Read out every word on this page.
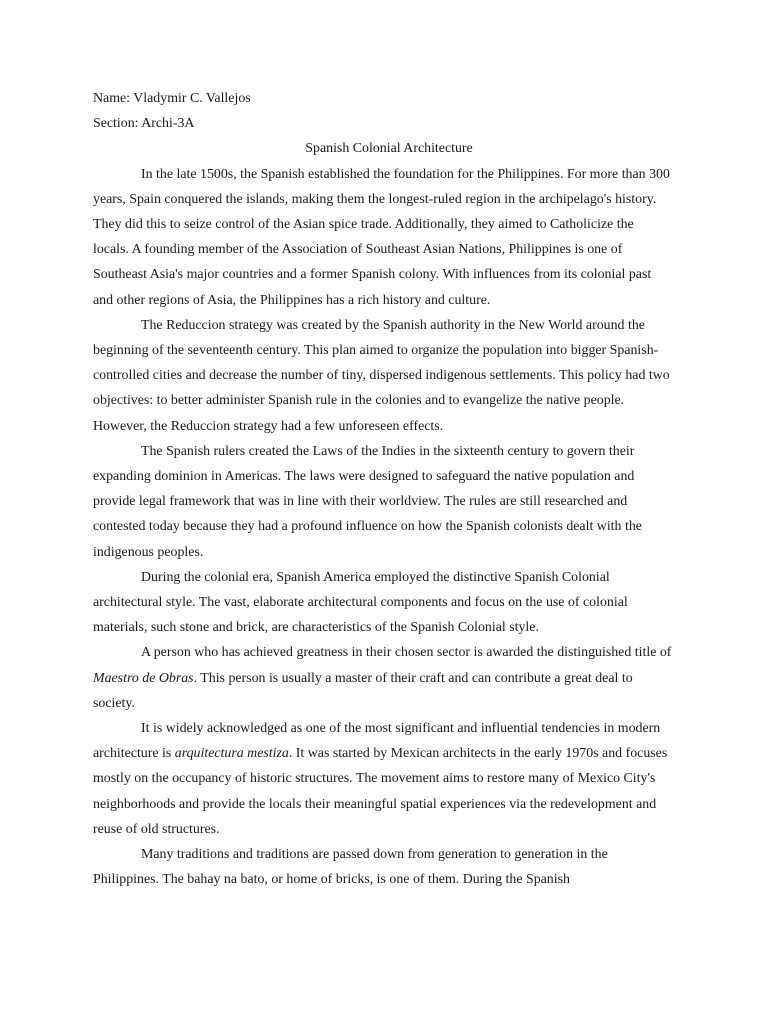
Name: Vladymir C. Vallejos

Section: Archi-3A

Spanish Colonial Architecture

In the late 1500s, the Spanish established the foundation for the Philippines. For more than 300 years, Spain conquered the islands, making them the longest-ruled region in the archipelago's history. They did this to seize control of the Asian spice trade. Additionally, they aimed to Catholicize the locals. A founding member of the Association of Southeast Asian Nations, Philippines is one of Southeast Asia's major countries and a former Spanish colony. With influences from its colonial past and other regions of Asia, the Philippines has a rich history and culture.

The Reduccion strategy was created by the Spanish authority in the New World around the beginning of the seventeenth century. This plan aimed to organize the population into bigger Spanish-controlled cities and decrease the number of tiny, dispersed indigenous settlements. This policy had two objectives: to better administer Spanish rule in the colonies and to evangelize the native people. However, the Reduccion strategy had a few unforeseen effects.

The Spanish rulers created the Laws of the Indies in the sixteenth century to govern their expanding dominion in Americas. The laws were designed to safeguard the native population and provide legal framework that was in line with their worldview. The rules are still researched and contested today because they had a profound influence on how the Spanish colonists dealt with the indigenous peoples.

During the colonial era, Spanish America employed the distinctive Spanish Colonial architectural style. The vast, elaborate architectural components and focus on the use of colonial materials, such stone and brick, are characteristics of the Spanish Colonial style.

A person who has achieved greatness in their chosen sector is awarded the distinguished title of Maestro de Obras. This person is usually a master of their craft and can contribute a great deal to society.

It is widely acknowledged as one of the most significant and influential tendencies in modern architecture is arquitectura mestiza. It was started by Mexican architects in the early 1970s and focuses mostly on the occupancy of historic structures. The movement aims to restore many of Mexico City's neighborhoods and provide the locals their meaningful spatial experiences via the redevelopment and reuse of old structures.

Many traditions and traditions are passed down from generation to generation in the Philippines. The bahay na bato, or home of bricks, is one of them. During the Spanish
